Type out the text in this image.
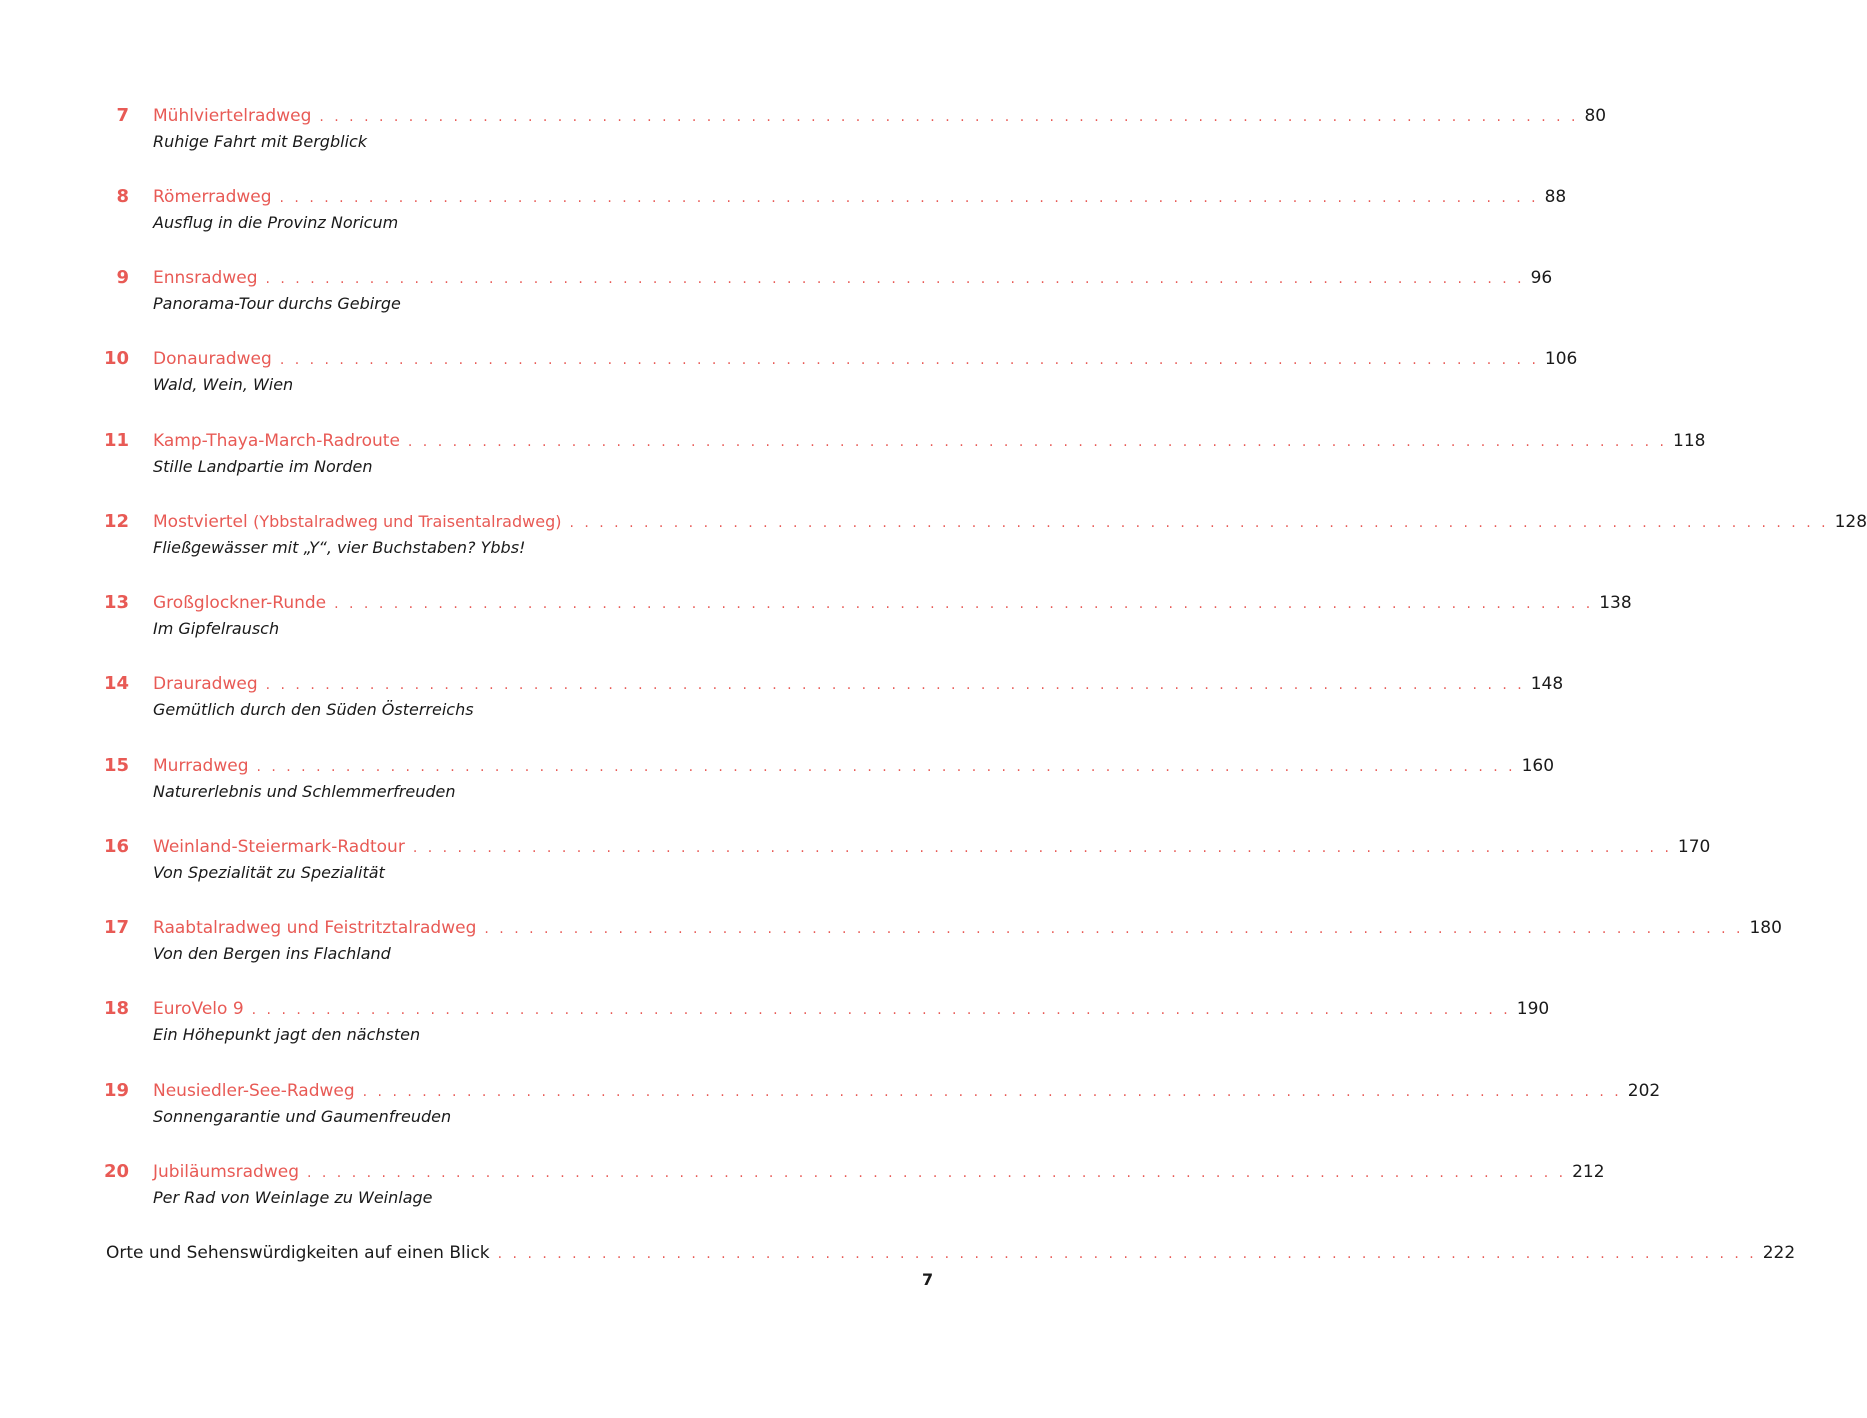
7 Mühlviertelradweg . . . . . . . . . . . . . . . . . . . . . . . . . . . . . . . . . . . . . . . . . . . . . . . . . . . . . . . . . . . . . . . . . . . . . . . . . . . . . . . . . . . . . 80
Ruhige Fahrt mit Bergblick
8 Römerradweg . . . . . . . . . . . . . . . . . . . . . . . . . . . . . . . . . . . . . . . . . . . . . . . . . . . . . . . . . . . . . . . . . . . . . . . . . . . . . . . . . . . . . 88
Ausflug in die Provinz Noricum
9 Ennsradweg . . . . . . . . . . . . . . . . . . . . . . . . . . . . . . . . . . . . . . . . . . . . . . . . . . . . . . . . . . . . . . . . . . . . . . . . . . . . . . . . . . . . . 96
Panorama-Tour durchs Gebirge
10 Donauradweg . . . . . . . . . . . . . . . . . . . . . . . . . . . . . . . . . . . . . . . . . . . . . . . . . . . . . . . . . . . . . . . . . . . . . . . . . . . . . . . . . . . . . 106
Wald, Wein, Wien
11 Kamp-Thaya-March-Radroute . . . . . . . . . . . . . . . . . . . . . . . . . . . . . . . . . . . . . . . . . . . . . . . . . . . . . . . . . . . . . . . . . . . . . . . . . . . . . . . . . . . . . 118
Stille Landpartie im Norden
12 Mostviertel (Ybbstalradweg und Traisentalradweg) . . . . . . . . . . . . . . . . . . . . . . . . . . . . . . . . . . . . . . . . . . . . . . . . . . . . . . . . . . . . . . . . . . . . . . . . . . . . . . . . . . . . . 128
Fließgewässer mit „Y“, vier Buchstaben? Ybbs!
13 Großglockner-Runde . . . . . . . . . . . . . . . . . . . . . . . . . . . . . . . . . . . . . . . . . . . . . . . . . . . . . . . . . . . . . . . . . . . . . . . . . . . . . . . . . . . . . 138
Im Gipfelrausch
14 Drauradweg . . . . . . . . . . . . . . . . . . . . . . . . . . . . . . . . . . . . . . . . . . . . . . . . . . . . . . . . . . . . . . . . . . . . . . . . . . . . . . . . . . . . . 148
Gemütlich durch den Süden Österreichs
15 Murradweg . . . . . . . . . . . . . . . . . . . . . . . . . . . . . . . . . . . . . . . . . . . . . . . . . . . . . . . . . . . . . . . . . . . . . . . . . . . . . . . . . . . . . 160
Naturerlebnis und Schlemmerfreuden
16 Weinland-Steiermark-Radtour . . . . . . . . . . . . . . . . . . . . . . . . . . . . . . . . . . . . . . . . . . . . . . . . . . . . . . . . . . . . . . . . . . . . . . . . . . . . . . . . . . . . . 170
Von Spezialität zu Spezialität
17 Raabtalradweg und Feistritztalradweg . . . . . . . . . . . . . . . . . . . . . . . . . . . . . . . . . . . . . . . . . . . . . . . . . . . . . . . . . . . . . . . . . . . . . . . . . . . . . . . . . . . . . 180
Von den Bergen ins Flachland
18 EuroVelo 9 . . . . . . . . . . . . . . . . . . . . . . . . . . . . . . . . . . . . . . . . . . . . . . . . . . . . . . . . . . . . . . . . . . . . . . . . . . . . . . . . . . . . . 190
Ein Höhepunkt jagt den nächsten
19 Neusiedler-See-Radweg . . . . . . . . . . . . . . . . . . . . . . . . . . . . . . . . . . . . . . . . . . . . . . . . . . . . . . . . . . . . . . . . . . . . . . . . . . . . . . . . . . . . . 202
Sonnengarantie und Gaumenfreuden
20 Jubiläumsradweg . . . . . . . . . . . . . . . . . . . . . . . . . . . . . . . . . . . . . . . . . . . . . . . . . . . . . . . . . . . . . . . . . . . . . . . . . . . . . . . . . . . . . 212
Per Rad von Weinlage zu Weinlage
Orte und Sehenswürdigkeiten auf einen Blick . . . . . . . . . . . . . . . . . . . . . . . . . . . . . . . . . . . . . . . . . . . . . . . . . . . . . . . . . . . . . . . . . . . . . . . . . . . . . . . . . . . . . 222
7
